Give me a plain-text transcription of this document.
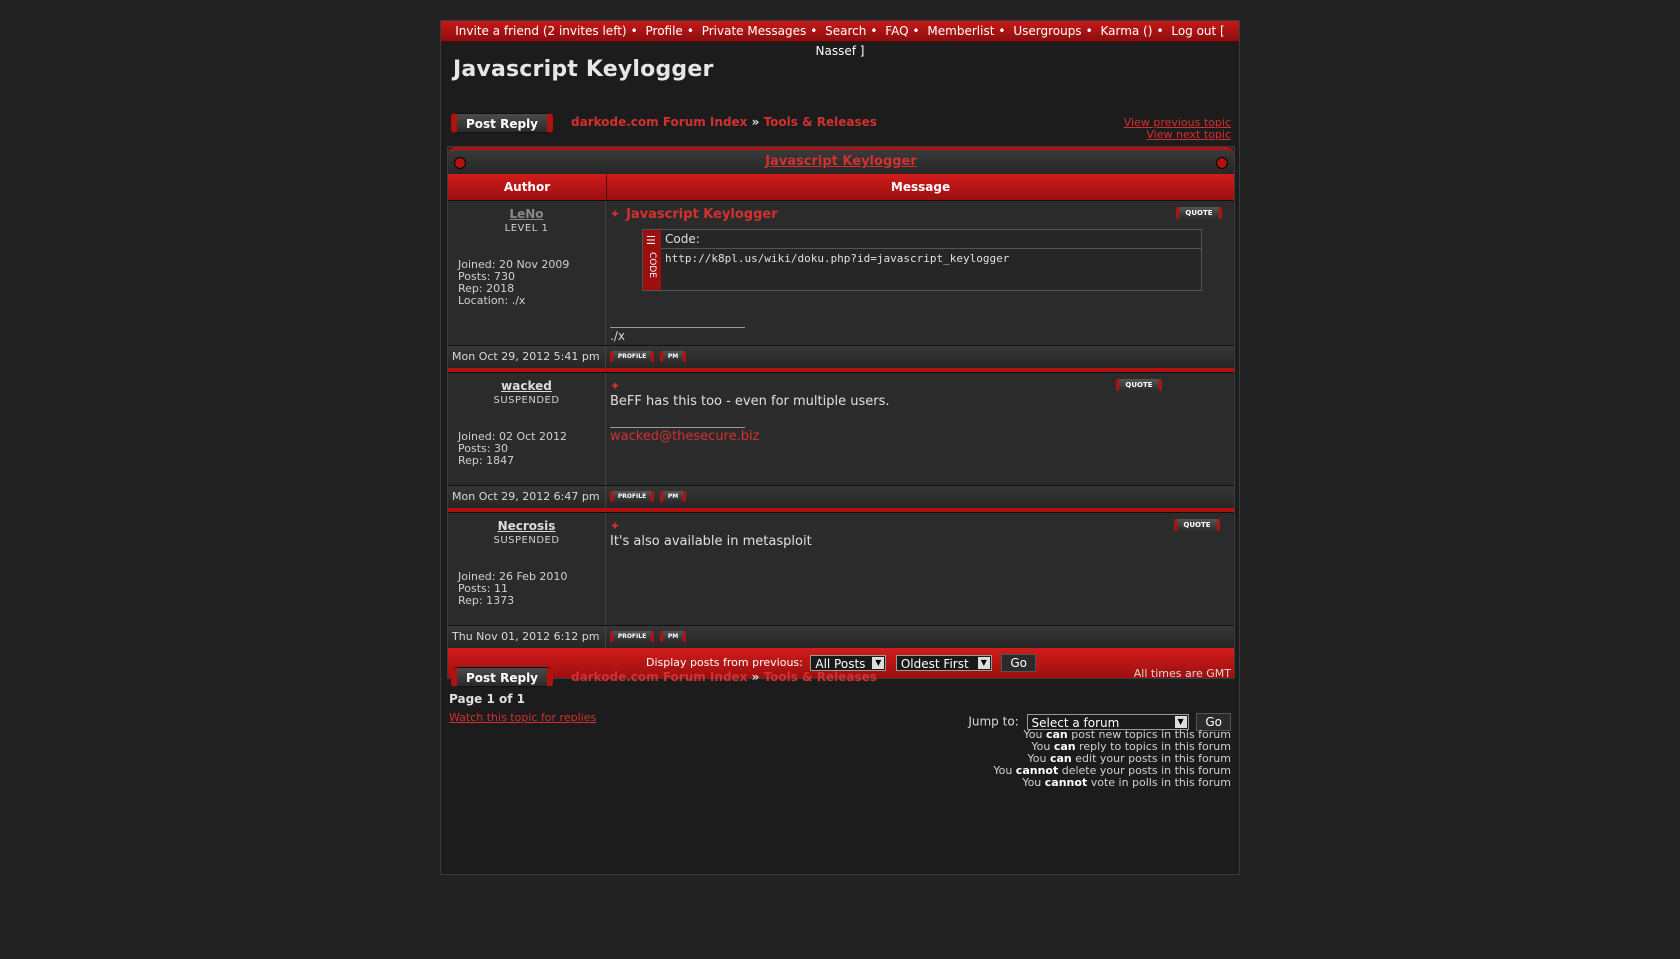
Invite a friend (2 invites left) • Profile • Private Messages • Search • FAQ • Memberlist • Usergroups • Karma () • Log out [ Nassef ]
Javascript Keylogger
Post Reply	darkode.com Forum Index » Tools & Releases	View previous topic
View next topic
Javascript Keylogger
Author	Message
LeNo
LEVEL 1
Joined: 20 Nov 2009
Posts: 730
Rep: 2018
Location: ./x
✦ Javascript Keylogger	QUOTE
☰
CODE
Code:
http://k8pl.us/wiki/doku.php?id=javascript_keylogger
./x
Mon Oct 29, 2012 5:41 pm	PROFILE	PM
wacked
SUSPENDED
Joined: 02 Oct 2012
Posts: 30
Rep: 1847
✦	QUOTE
BeFF has this too - even for multiple users.
wacked@thesecure.biz
Mon Oct 29, 2012 6:47 pm	PROFILE	PM
Necrosis
SUSPENDED
Joined: 26 Feb 2010
Posts: 11
Rep: 1373
✦	QUOTE
It's also available in metasploit
Thu Nov 01, 2012 6:12 pm	PROFILE	PM
Display posts from previous: All Posts	▼ Oldest First	▼ Go
Post Reply	darkode.com Forum Index » Tools & Releases	All times are GMT
Page 1 of 1
Watch this topic for replies	Jump to: Select a forum	▼ Go
You can post new topics in this forum
You can reply to topics in this forum
You can edit your posts in this forum
You cannot delete your posts in this forum
You cannot vote in polls in this forum
